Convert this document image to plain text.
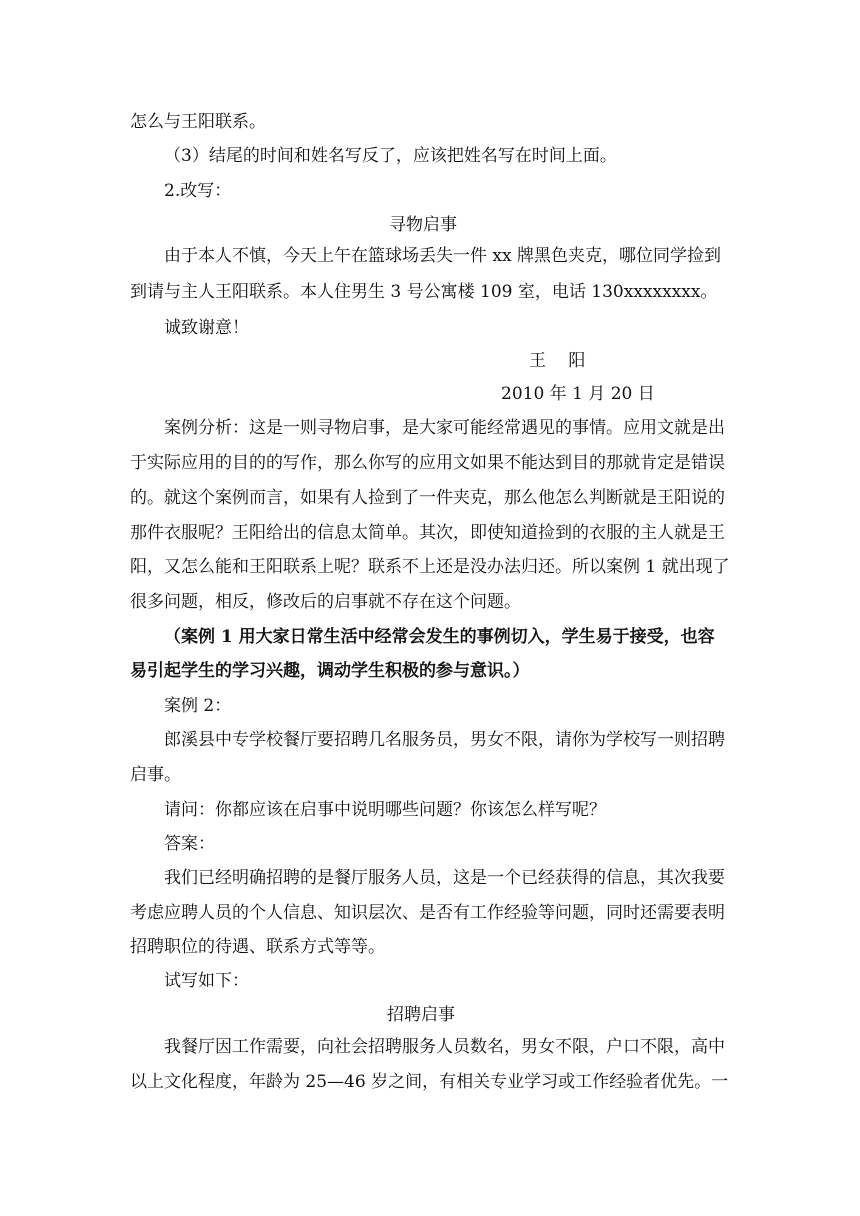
怎么与王阳联系。
（3）结尾的时间和姓名写反了，应该把姓名写在时间上面。
2.改写：
寻物启事
由于本人不慎，今天上午在篮球场丢失一件 xx 牌黑色夹克，哪位同学捡到
到请与主人王阳联系。本人住男生 3 号公寓楼 109 室，电话 130xxxxxxxx。
诚致谢意！
王　 阳
2010 年 1 月 20 日
案例分析：这是一则寻物启事，是大家可能经常遇见的事情。应用文就是出
于实际应用的目的的写作，那么你写的应用文如果不能达到目的那就肯定是错误
的。就这个案例而言，如果有人捡到了一件夹克，那么他怎么判断就是王阳说的
那件衣服呢？王阳给出的信息太简单。其次，即使知道捡到的衣服的主人就是王
阳，又怎么能和王阳联系上呢？联系不上还是没办法归还。所以案例 1 就出现了
很多问题，相反，修改后的启事就不存在这个问题。
（案例 1 用大家日常生活中经常会发生的事例切入，学生易于接受，也容
易引起学生的学习兴趣，调动学生积极的参与意识。）
案例 2：
郎溪县中专学校餐厅要招聘几名服务员，男女不限，请你为学校写一则招聘
启事。
请问：你都应该在启事中说明哪些问题？你该怎么样写呢？
答案：
我们已经明确招聘的是餐厅服务人员，这是一个已经获得的信息，其次我要
考虑应聘人员的个人信息、知识层次、是否有工作经验等问题，同时还需要表明
招聘职位的待遇、联系方式等等。
试写如下：
招聘启事
我餐厅因工作需要，向社会招聘服务人员数名，男女不限，户口不限，高中
以上文化程度，年龄为 25—46 岁之间，有相关专业学习或工作经验者优先。一
